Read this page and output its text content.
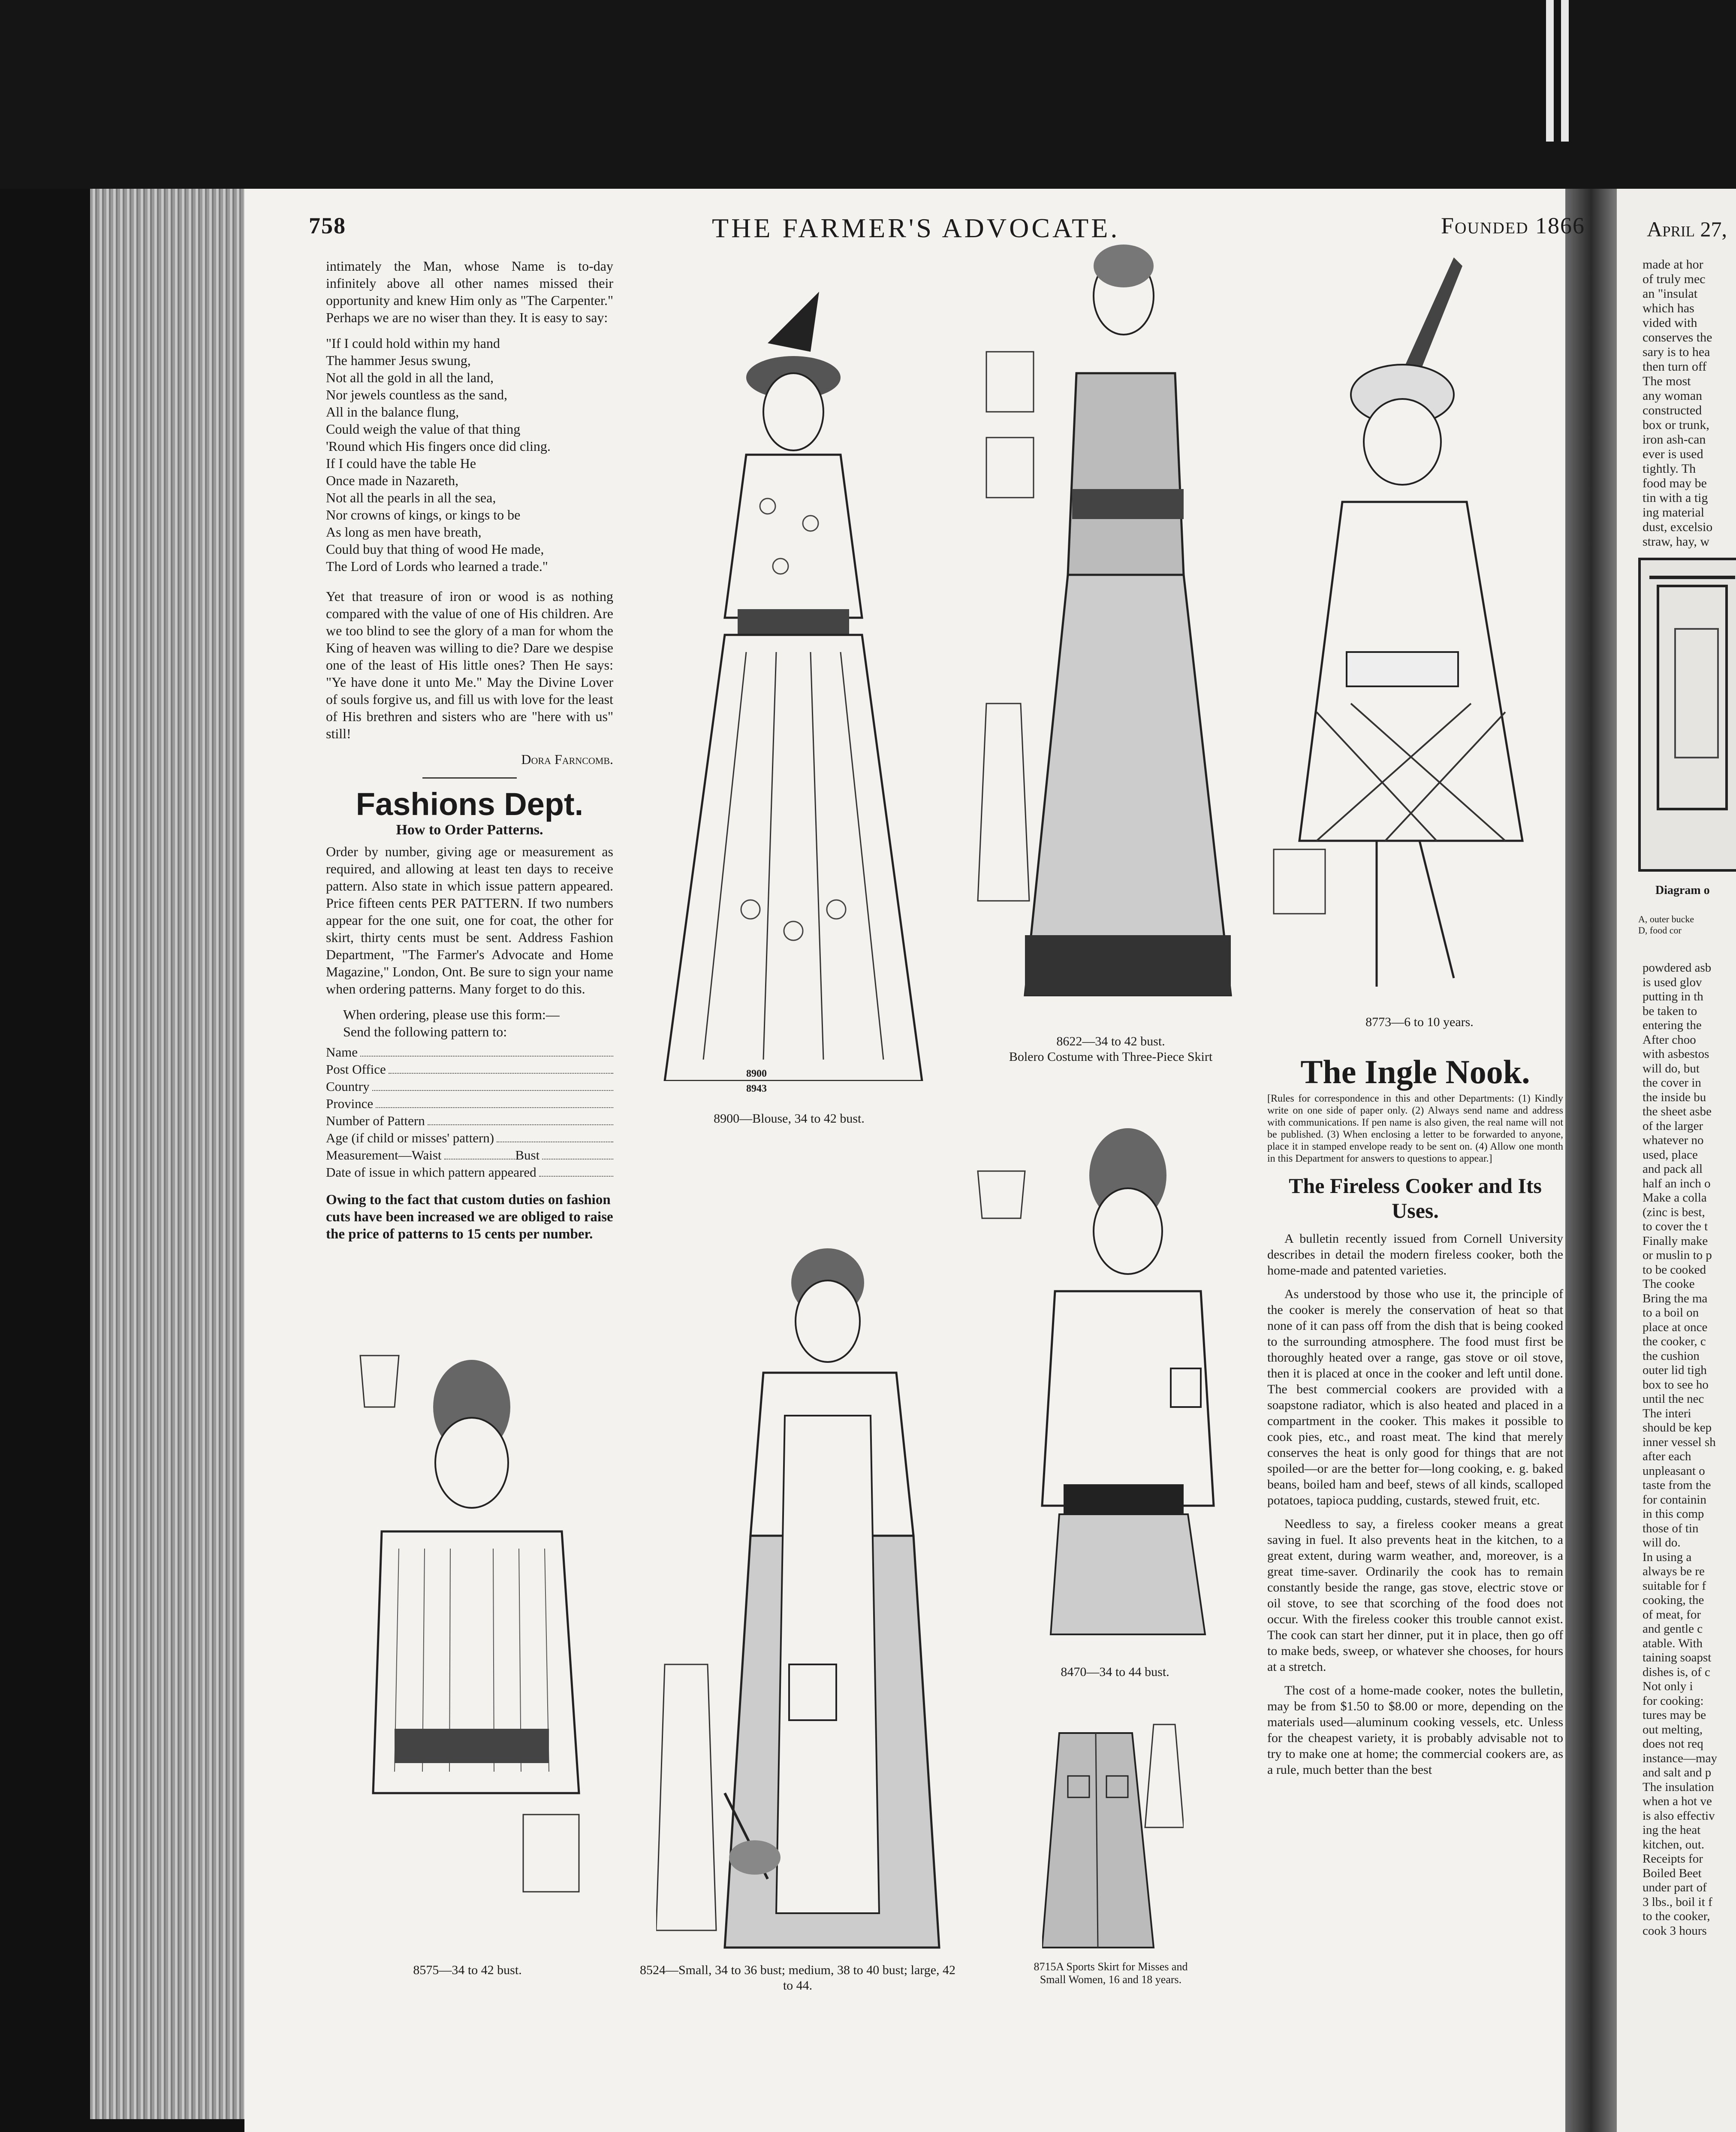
758	THE FARMER'S ADVOCATE.	Founded 1866	April 27,

intimately the Man, whose Name is to-day infinitely above all other names missed their opportunity and knew Him only as "The Carpenter." Perhaps we are no wiser than they. It is easy to say:

"If I could hold within my hand
The hammer Jesus swung,
Not all the gold in all the land,
Nor jewels countless as the sand,
All in the balance flung,
Could weigh the value of that thing
'Round which His fingers once did cling.
If I could have the table He
Once made in Nazareth,
Not all the pearls in all the sea,
Nor crowns of kings, or kings to be
As long as men have breath,
Could buy that thing of wood He made,
The Lord of Lords who learned a trade."

Yet that treasure of iron or wood is as nothing compared with the value of one of His children. Are we too blind to see the glory of a man for whom the King of heaven was willing to die? Dare we despise one of the least of His little ones? Then He says: "Ye have done it unto Me." May the Divine Lover of souls forgive us, and fill us with love for the least of His brethren and sisters who are "here with us" still!

Dora Farncomb.
Fashions Dept.
How to Order Patterns.

Order by number, giving age or measurement as required, and allowing at least ten days to receive pattern. Also state in which issue pattern appeared. Price fifteen cents PER PATTERN. If two numbers appear for the one suit, one for coat, the other for skirt, thirty cents must be sent. Address Fashion Department, "The Farmer's Advocate and Home Magazine," London, Ont. Be sure to sign your name when ordering patterns. Many forget to do this.

When ordering, please use this form:—
Send the following pattern to:
Name
Post Office
Country
Province
Number of Pattern
Age (if child or misses' pattern)
Measurement—Waist	Bust
Date of issue in which pattern appeared
Owing to the fact that custom duties on fashion cuts have been increased we are obliged to raise the price of patterns to 15 cents per number.
8900
8943
8900—Blouse, 34 to 42 bust.
8622—34 to 42 bust.
Bolero Costume with Three-Piece Skirt
8773—6 to 10 years.
The Ingle Nook.
[Rules for correspondence in this and other Departments: (1) Kindly write on one side of paper only. (2) Always send name and address with communications. If pen name is also given, the real name will not be published. (3) When enclosing a letter to be forwarded to anyone, place it in stamped envelope ready to be sent on. (4) Allow one month in this Department for answers to questions to appear.]
The Fireless Cooker and Its Uses.

A bulletin recently issued from Cornell University describes in detail the modern fireless cooker, both the home-made and patented varieties.

As understood by those who use it, the principle of the cooker is merely the conservation of heat so that none of it can pass off from the dish that is being cooked to the surrounding atmosphere. The food must first be thoroughly heated over a range, gas stove or oil stove, then it is placed at once in the cooker and left until done. The best commercial cookers are provided with a soapstone radiator, which is also heated and placed in a compartment in the cooker. This makes it possible to cook pies, etc., and roast meat. The kind that merely conserves the heat is only good for things that are not spoiled—or are the better for—long cooking, e. g. baked beans, boiled ham and beef, stews of all kinds, scalloped potatoes, tapioca pudding, custards, stewed fruit, etc.

Needless to say, a fireless cooker means a great saving in fuel. It also prevents heat in the kitchen, to a great extent, during warm weather, and, moreover, is a great time-saver. Ordinarily the cook has to remain constantly beside the range, gas stove, electric stove or oil stove, to see that scorching of the food does not occur. With the fireless cooker this trouble cannot exist. The cook can start her dinner, put it in place, then go off to make beds, sweep, or whatever she chooses, for hours at a stretch.

The cost of a home-made cooker, notes the bulletin, may be from $1.50 to $8.00 or more, depending on the materials used—aluminum cooking vessels, etc. Unless for the cheapest variety, it is probably advisable not to try to make one at home; the commercial cookers are, as a rule, much better than the best

8470—34 to 44 bust.
8575—34 to 42 bust.	8524—Small, 34 to 36 bust; medium, 38 to 40 bust; large, 42 to 44.
8715A Sports Skirt for Misses and Small Women, 16 and 18 years.
made at hor
of truly mec
an "insulat
which has
vided with
conserves the
sary is to hea
then turn off
The most
any woman
constructed
box or trunk,
iron ash-can
ever is used
tightly. Th
food may be
tin with a tig
ing material
dust, excelsio
straw, hay, w
Diagram o
A, outer bucke
D, food cor
powdered asb
is used glov
putting in th
be taken to
entering the
After choo
with asbestos
will do, but
the cover in
the inside bu
the sheet asbe
of the larger
whatever no
used, place
and pack all
half an inch o
Make a colla
(zinc is best,
to cover the t
Finally make
or muslin to p
to be cooked
The cooke
Bring the ma
to a boil on
place at once
the cooker, c
the cushion
outer lid tigh
box to see ho
until the nec
The interi
should be kep
inner vessel sh
after each
unpleasant o
taste from the
for containin
in this comp
those of tin
will do.
In using a
always be re
suitable for f
cooking, the
of meat, for
and gentle c
atable. With
taining soapst
dishes is, of c
Not only i
for cooking:
tures may be
out melting,
does not req
instance—may
and salt and p
The insulation
when a hot ve
is also effectiv
ing the heat
kitchen, out.
Receipts for
Boiled Beet
under part of
3 lbs., boil it f
to the cooker,
cook 3 hours
